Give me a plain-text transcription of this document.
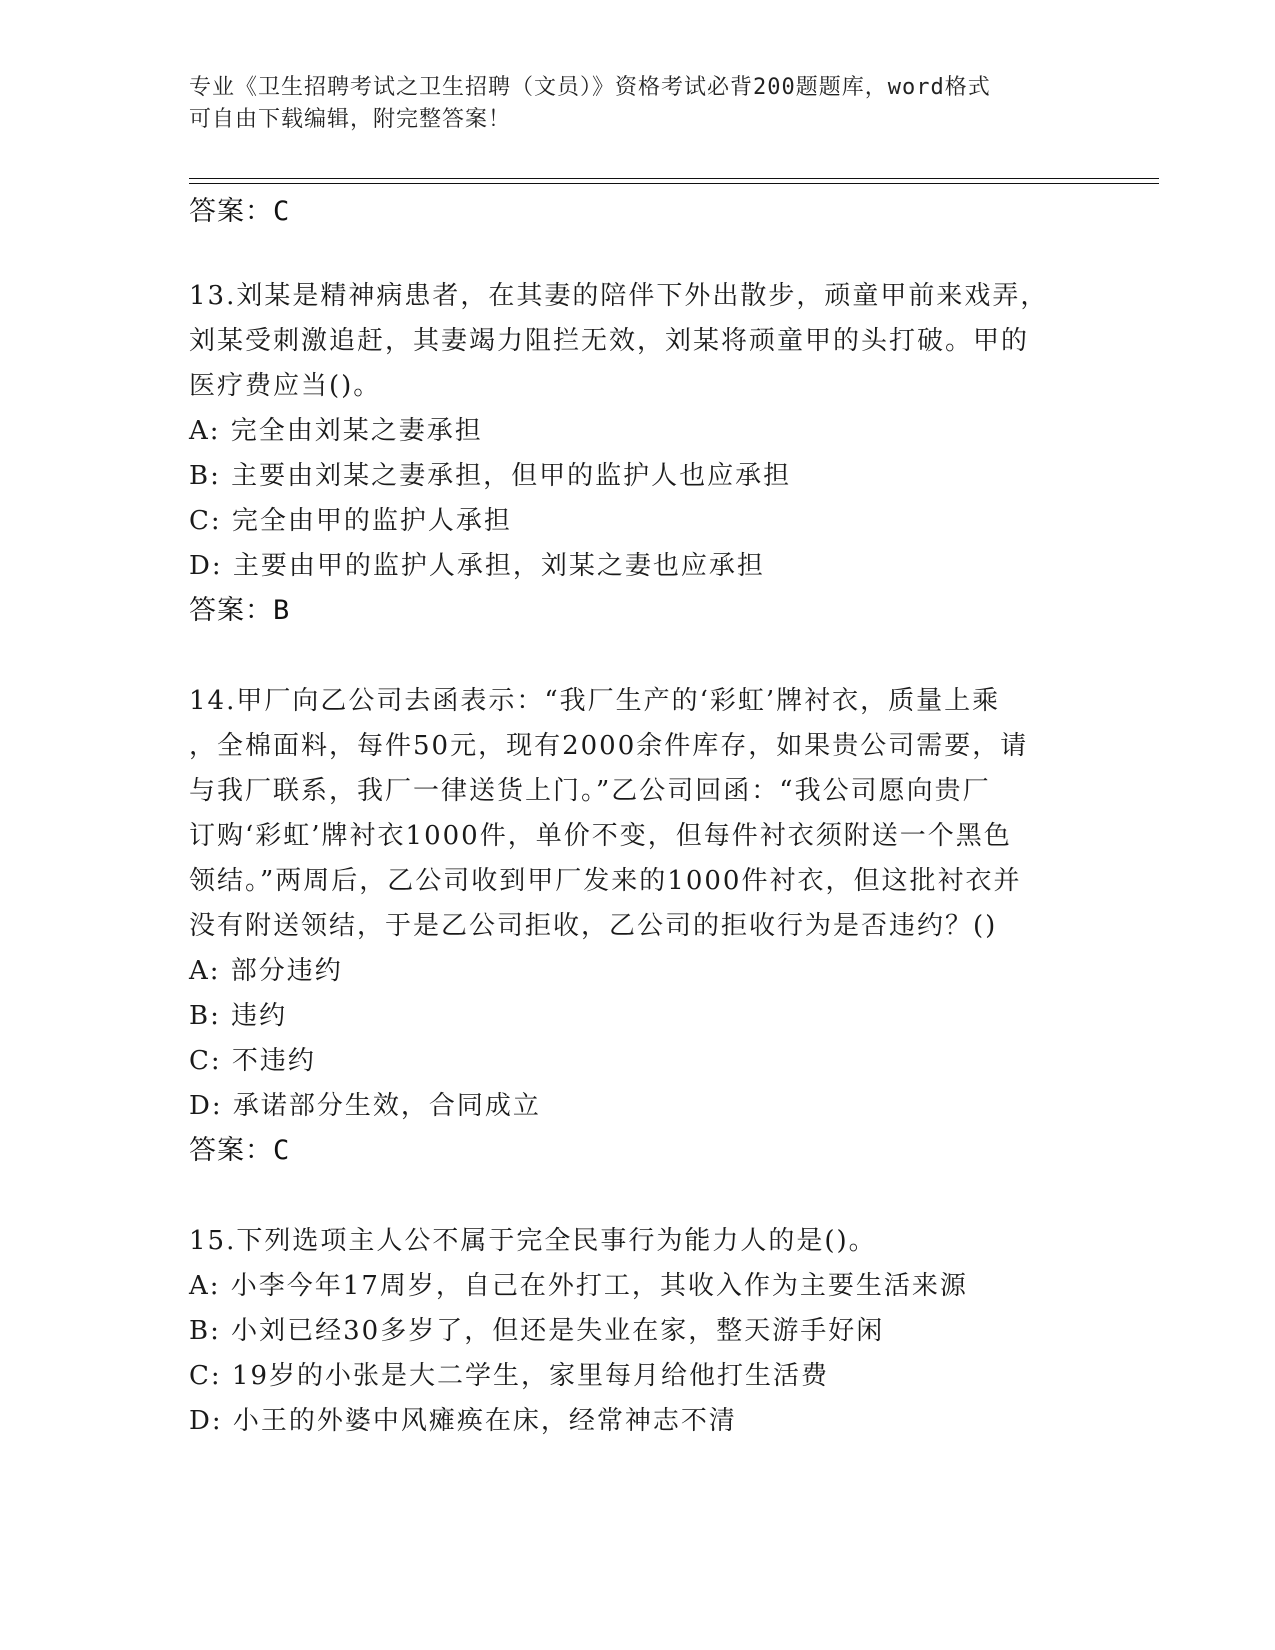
专业《卫生招聘考试之卫生招聘（文员）》资格考试必背200题题库，word格式
可自由下载编辑，附完整答案！

答案：C

13.刘某是精神病患者，在其妻的陪伴下外出散步，顽童甲前来戏弄，

刘某受刺激追赶，其妻竭力阻拦无效，刘某将顽童甲的头打破。甲的

医疗费应当()。

A: 完全由刘某之妻承担

B: 主要由刘某之妻承担，但甲的监护人也应承担

C: 完全由甲的监护人承担

D: 主要由甲的监护人承担，刘某之妻也应承担

答案：B

14.甲厂向乙公司去函表示：“我厂生产的‘彩虹’牌衬衣，质量上乘

，全棉面料，每件50元，现有2000余件库存，如果贵公司需要，请

与我厂联系，我厂一律送货上门。”乙公司回函：“我公司愿向贵厂

订购‘彩虹’牌衬衣1000件，单价不变，但每件衬衣须附送一个黑色

领结。”两周后，乙公司收到甲厂发来的1000件衬衣，但这批衬衣并

没有附送领结，于是乙公司拒收，乙公司的拒收行为是否违约？()

A: 部分违约

B: 违约

C: 不违约

D: 承诺部分生效，合同成立

答案：C

15.下列选项主人公不属于完全民事行为能力人的是()。

A: 小李今年17周岁，自己在外打工，其收入作为主要生活来源

B: 小刘已经30多岁了，但还是失业在家，整天游手好闲

C: 19岁的小张是大二学生，家里每月给他打生活费

D: 小王的外婆中风瘫痪在床，经常神志不清
